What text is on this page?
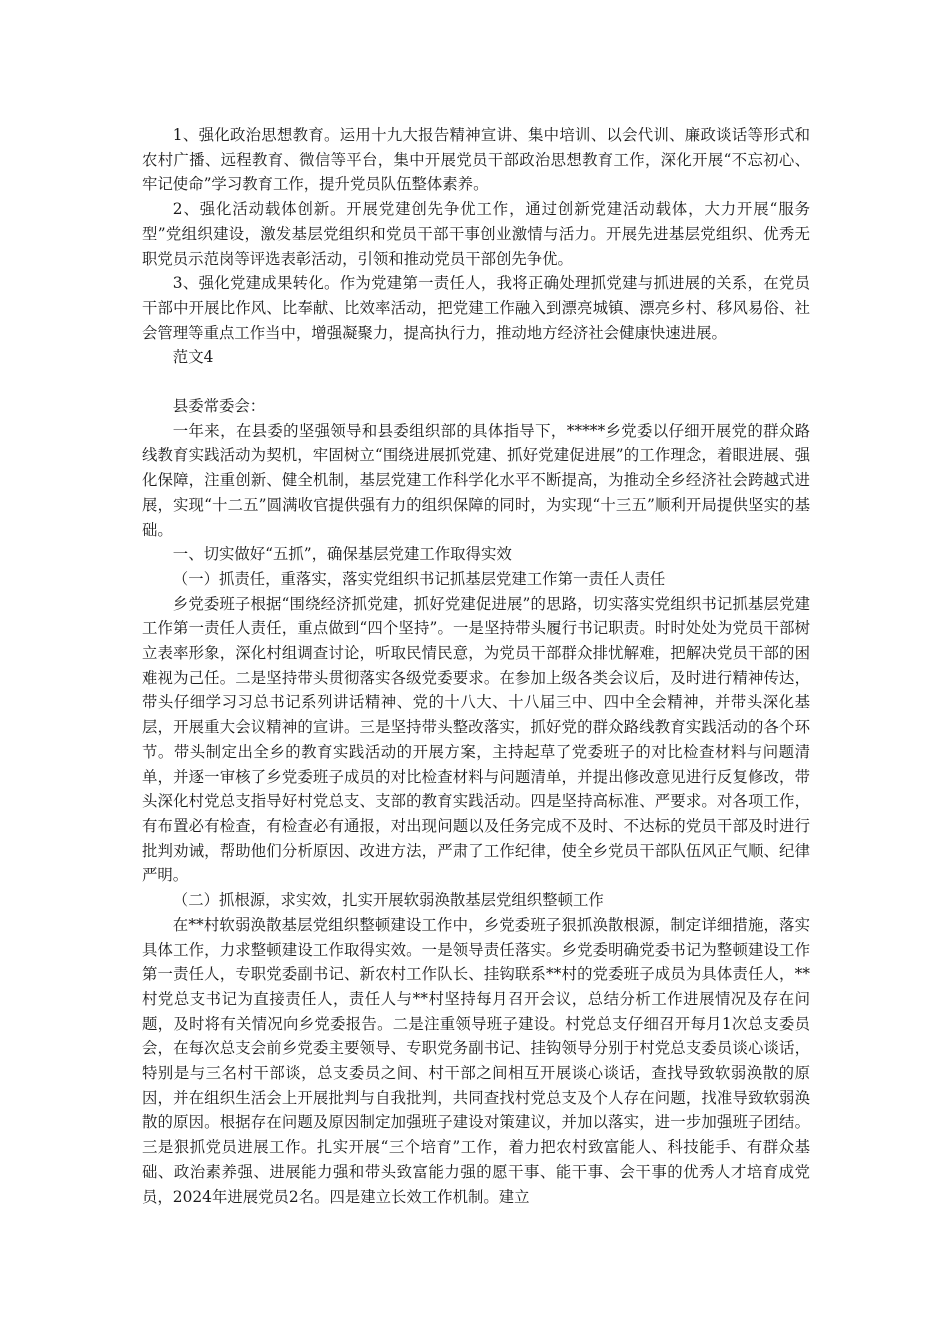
1、强化政治思想教育。运用十九大报告精神宣讲、集中培训、以会代训、廉政谈话等形式和农村广播、远程教育、微信等平台，集中开展党员干部政治思想教育工作，深化开展“不忘初心、牢记使命”学习教育工作，提升党员队伍整体素养。

2、强化活动载体创新。开展党建创先争优工作，通过创新党建活动载体，大力开展“服务型”党组织建设，激发基层党组织和党员干部干事创业激情与活力。开展先进基层党组织、优秀无职党员示范岗等评选表彰活动，引领和推动党员干部创先争优。

3、强化党建成果转化。作为党建第一责任人，我将正确处理抓党建与抓进展的关系，在党员干部中开展比作风、比奉献、比效率活动，把党建工作融入到漂亮城镇、漂亮乡村、移风易俗、社会管理等重点工作当中，增强凝聚力，提高执行力，推动地方经济社会健康快速进展。

范文4

县委常委会：

一年来，在县委的坚强领导和县委组织部的具体指导下，*****乡党委以仔细开展党的群众路线教育实践活动为契机，牢固树立“围绕进展抓党建、抓好党建促进展”的工作理念，着眼进展、强化保障，注重创新、健全机制，基层党建工作科学化水平不断提高，为推动全乡经济社会跨越式进展，实现“十二五”圆满收官提供强有力的组织保障的同时，为实现“十三五”顺利开局提供坚实的基础。

一、切实做好“五抓”，确保基层党建工作取得实效

（一）抓责任，重落实，落实党组织书记抓基层党建工作第一责任人责任

乡党委班子根据“围绕经济抓党建，抓好党建促进展”的思路，切实落实党组织书记抓基层党建工作第一责任人责任，重点做到“四个坚持”。一是坚持带头履行书记职责。时时处处为党员干部树立表率形象，深化村组调查讨论，听取民情民意，为党员干部群众排忧解难，把解决党员干部的困难视为己任。二是坚持带头贯彻落实各级党委要求。在参加上级各类会议后，及时进行精神传达，带头仔细学习习总书记系列讲话精神、党的十八大、十八届三中、四中全会精神，并带头深化基层，开展重大会议精神的宣讲。三是坚持带头整改落实，抓好党的群众路线教育实践活动的各个环节。带头制定出全乡的教育实践活动的开展方案，主持起草了党委班子的对比检查材料与问题清单，并逐一审核了乡党委班子成员的对比检查材料与问题清单，并提出修改意见进行反复修改，带头深化村党总支指导好村党总支、支部的教育实践活动。四是坚持高标准、严要求。对各项工作，有布置必有检查，有检查必有通报，对出现问题以及任务完成不及时、不达标的党员干部及时进行批判劝诫，帮助他们分析原因、改进方法，严肃了工作纪律，使全乡党员干部队伍风正气顺、纪律严明。

（二）抓根源，求实效，扎实开展软弱涣散基层党组织整顿工作

在**村软弱涣散基层党组织整顿建设工作中，乡党委班子狠抓涣散根源，制定详细措施，落实具体工作，力求整顿建设工作取得实效。一是领导责任落实。乡党委明确党委书记为整顿建设工作第一责任人，专职党委副书记、新农村工作队长、挂钩联系**村的党委班子成员为具体责任人，**村党总支书记为直接责任人，责任人与**村坚持每月召开会议，总结分析工作进展情况及存在问题，及时将有关情况向乡党委报告。二是注重领导班子建设。村党总支仔细召开每月1次总支委员会，在每次总支会前乡党委主要领导、专职党务副书记、挂钩领导分别于村党总支委员谈心谈话，特别是与三名村干部谈，总支委员之间、村干部之间相互开展谈心谈话，查找导致软弱涣散的原因，并在组织生活会上开展批判与自我批判，共同查找村党总支及个人存在问题，找准导致软弱涣散的原因。根据存在问题及原因制定加强班子建设对策建议，并加以落实，进一步加强班子团结。三是狠抓党员进展工作。扎实开展“三个培育”工作，着力把农村致富能人、科技能手、有群众基础、政治素养强、进展能力强和带头致富能力强的愿干事、能干事、会干事的优秀人才培育成党员，2024年进展党员2名。四是建立长效工作机制。建立
